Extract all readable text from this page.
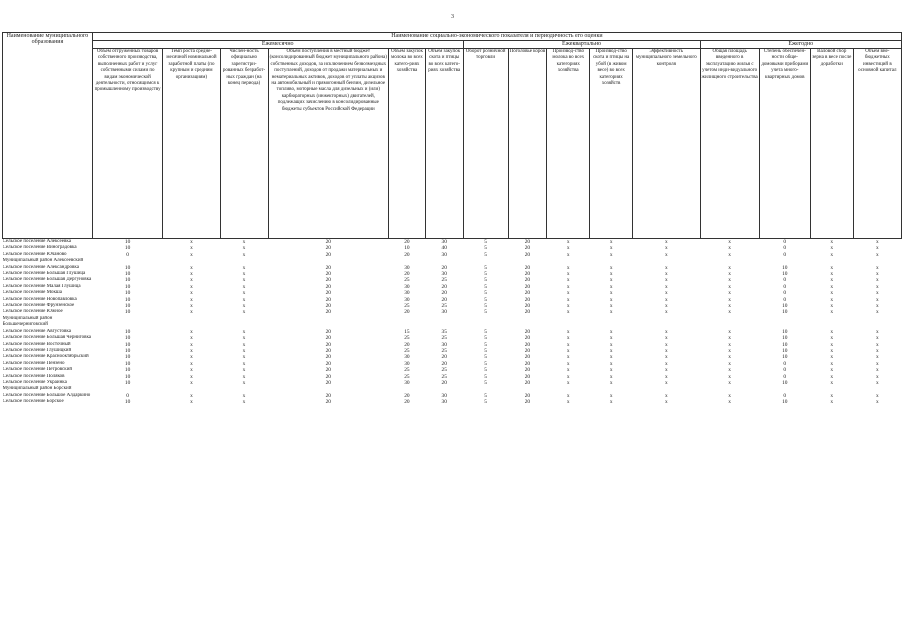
3
Наименование муниципального образования	Наименование социально-экономического показателя и периодичность его оценки														
	Ежемесячно						Ежеквартально					Ежегодно			
	Объем отгруженных товаров собственного производства, выполненных работ и услуг собственными силами по видам экономической деятельности, относящимся к промышленному производству	Темп роста средне-месячной номинальной заработной платы (по крупным и средним организациям)	Числен-ность официально зарегистри-рованных безработ-ных граждан (на конец периода)	Объем поступления в местный бюджет (консолидированный бюджет муниципального района) собственных доходов, за исключением безвозмездных поступлений, доходов от продажи материальных и нематериальных активов, доходов от уплаты акцизов на автомобильный и прямогонный бензин, дизельное топливо, моторные масла для дизельных и (или) карбюраторных (инжекторных) двигателей, подлежащих зачислению в консолидированные бюджеты субъектов Российской Федерации	Объем закупок молока во всех катего-риях хозяйства	Объем закупок скота и птицы во всех катего-риях хозяйства	Оборот розничной торговли	Поголовье коров	Производ-ство молока во всех категориях хозяйства	Производ-ство скота и птицы на убой (в живом весе) во всех категориях хозяйств	Эффективность муниципального земельного контроля	Общая площадь введенного в эксплуатацию жилья с учетом инди-видуального жилищного строительства	Степень обеспечен-ности обще-домовыми приборами учета много-квартирных домов	Валовой сбор зерна в весе после доработки	Объем вне-бюджетных инвестиций в основной капитал
Сельское поселение Алексеевка	10	x	x	20	20	30	5	20	x	x	x	x	0	x	x
Сельское поселение Виноградовка	10	x	x	20	10	40	5	20	x	x	x	x	0	x	x
Сельское поселение Ючаново	0	x	x	20	20	30	5	20	x	x	x	x	0	x	x
Муниципальный район Алексеевский															
Сельское поселение Александровка	10	x	x	20	30	20	5	20	x	x	x	x	10	x	x
Сельское поселение Большая Глушица	10	x	x	20	20	30	5	20	x	x	x	x	10	x	x
Сельское поселение Большая Дергуновка	10	x	x	20	25	25	5	20	x	x	x	x	0	x	x
Сельское поселение Малая Глушица	10	x	x	20	30	20	5	20	x	x	x	x	0	x	x
Сельское поселение Мокша	10	x	x	20	30	20	5	20	x	x	x	x	0	x	x
Сельское поселение Новопавловка	10	x	x	20	30	20	5	20	x	x	x	x	0	x	x
Сельское поселение Фрунзенское	10	x	x	20	25	25	5	20	x	x	x	x	10	x	x
Сельское поселение Южное	10	x	x	20	20	30	5	20	x	x	x	x	10	x	x
Муниципальный район Большечерниговский															
Сельское поселение Августовка	10	x	x	20	15	35	5	20	x	x	x	x	10	x	x
Сельское поселение Большая Черниговка	10	x	x	20	25	25	5	20	x	x	x	x	10	x	x
Сельское поселение Восточный	10	x	x	20	20	30	5	20	x	x	x	x	10	x	x
Сельское поселение Глушицкий	10	x	x	20	25	25	5	20	x	x	x	x	10	x	x
Сельское поселение Краснооктябрьский	10	x	x	20	30	20	5	20	x	x	x	x	10	x	x
Сельское поселение Пензено	10	x	x	20	30	20	5	20	x	x	x	x	0	x	x
Сельское поселение Петровский	10	x	x	20	25	25	5	20	x	x	x	x	0	x	x
Сельское поселение Поляков	10	x	x	20	25	25	5	20	x	x	x	x	0	x	x
Сельское поселение Украинка	10	x	x	20	30	20	5	20	x	x	x	x	10	x	x
Муниципальный район Борский															
Сельское поселение Большое Алдаркино	0	x	x	20	20	30	5	20	x	x	x	x	0	x	x
Сельское поселение Борское	10	x	x	20	20	30	5	20	x	x	x	x	10	x	x
